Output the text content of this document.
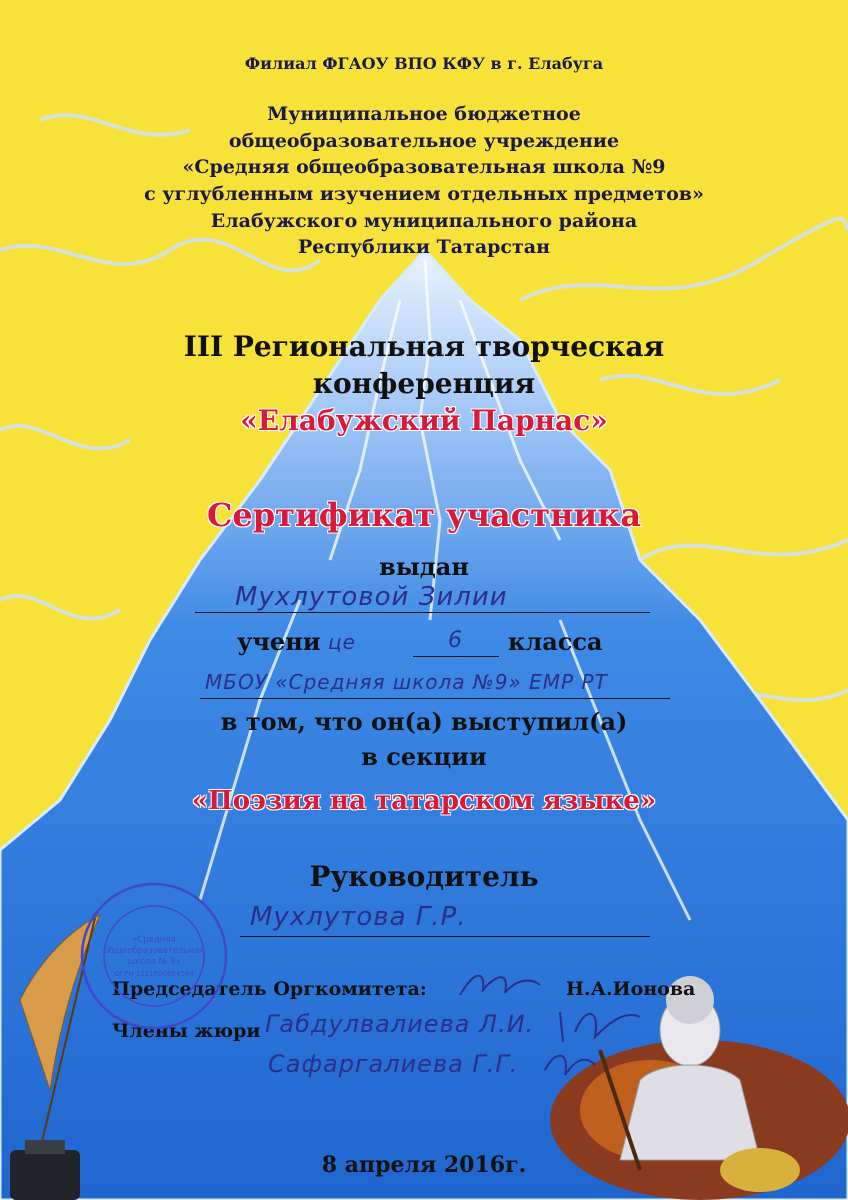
Филиал ФГАОУ ВПО КФУ в г. Елабуга
Муниципальное бюджетное
общеобразовательное учреждение
«Средняя общеобразовательная школа №9
с углубленным изучением отдельных предметов»
Елабужского муниципального района
Республики Татарстан
III Региональная творческая
конференция
«Елабужский Парнас»
Сертификат участника
выдан
Мухлутовой Зилии
учени це	6 класса
МБОУ «Средняя школа №9» ЕМР РТ
в том, что он(а) выступил(а)
в секции
«Поэзия на татарском языке»
Руководитель
Мухлутова Г.Р.
Председатель Оргкомитета:	Н.А.Ионова
Члены жюри Габдулвалиева Л.И.
Сафаргалиева Г.Г.
«Средняя
общеобразовательная
школа № 9»
ОГРН 1021600654584
8 апреля 2016г.
